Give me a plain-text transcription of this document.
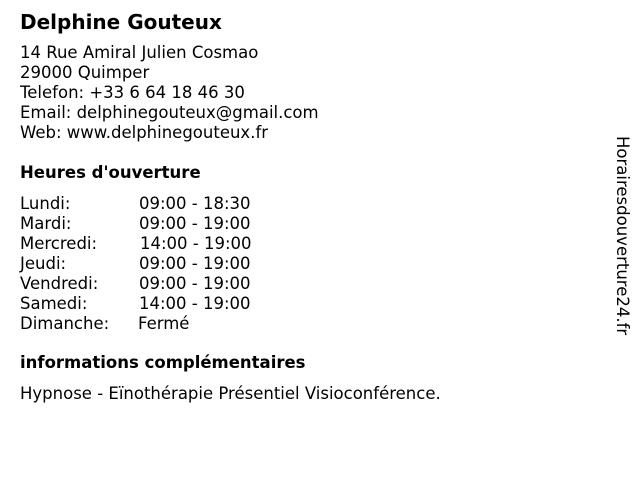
Delphine Gouteux
14 Rue Amiral Julien Cosmao
29000 Quimper
Telefon: +33 6 64 18 46 30
Email: delphinegouteux@gmail.com
Web: www.delphinegouteux.fr
Heures d'ouverture
Lundi:	09:00 - 18:30
Mardi:	09:00 - 19:00
Mercredi:	14:00 - 19:00
Jeudi:	09:00 - 19:00
Vendredi: 09:00 - 19:00
Samedi:	14:00 - 19:00
Dimanche: Fermé
informations complémentaires
Hypnose - Eïnothérapie Présentiel Visioconférence.
Horairesdouverture24.fr
